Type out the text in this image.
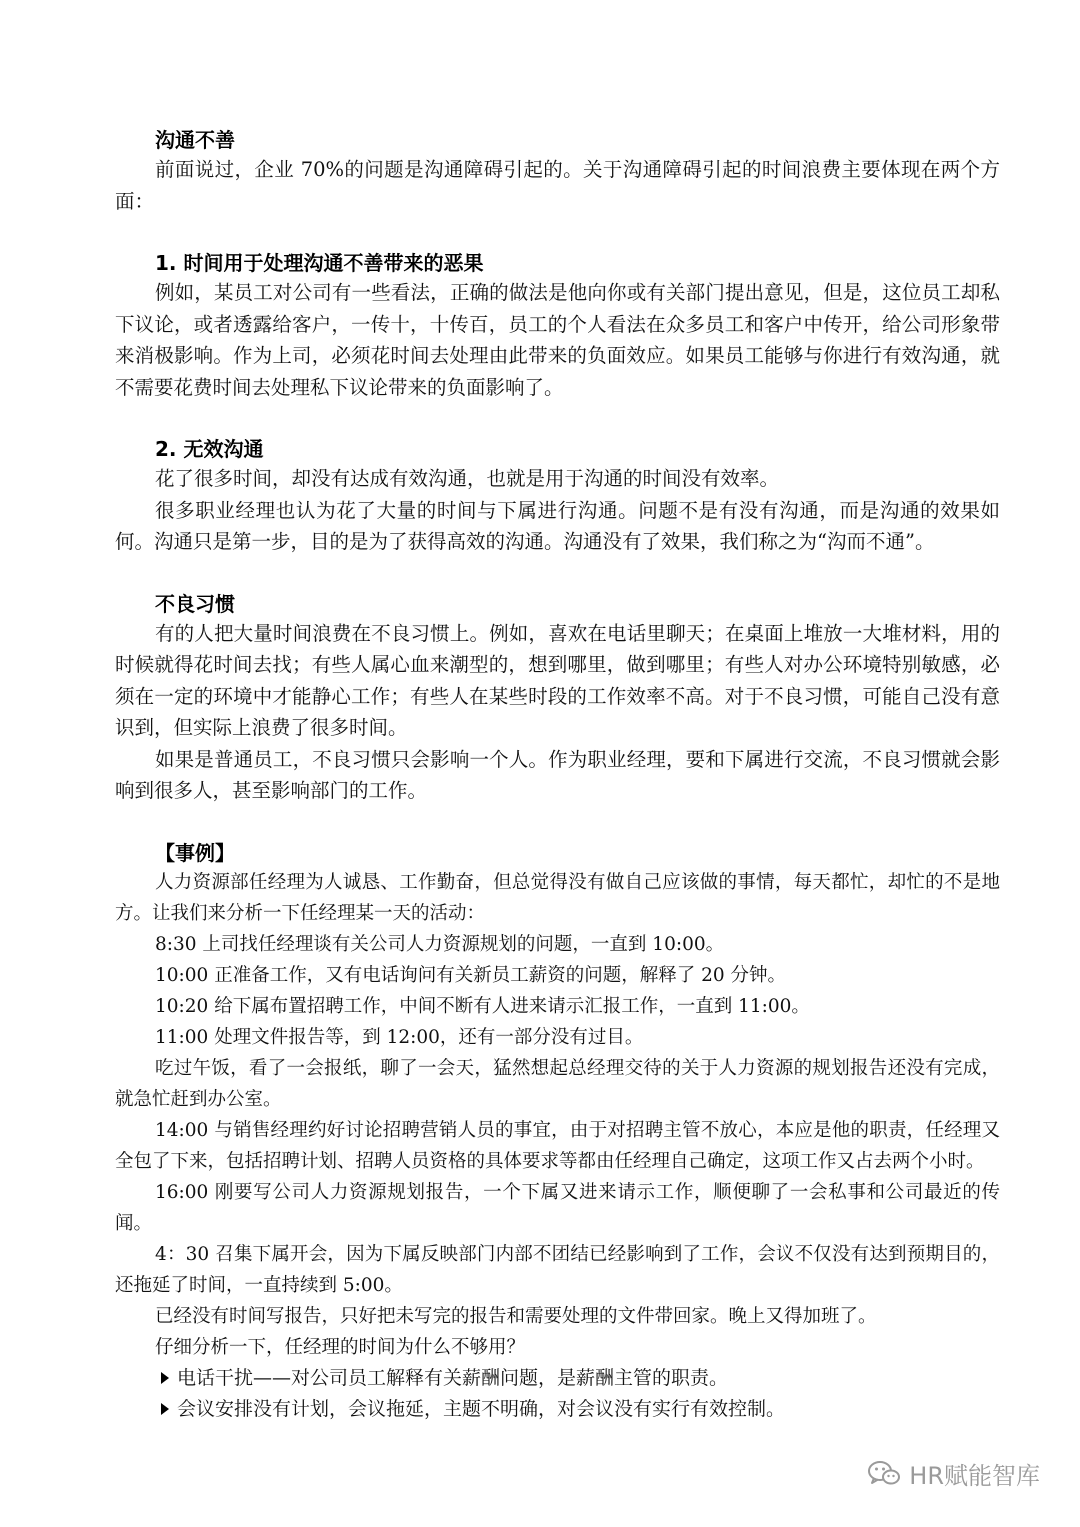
沟通不善
前面说过，企业 70%的问题是沟通障碍引起的。关于沟通障碍引起的时间浪费主要体现在两个方面：
1. 时间用于处理沟通不善带来的恶果
例如，某员工对公司有一些看法，正确的做法是他向你或有关部门提出意见，但是，这位员工却私下议论，或者透露给客户，一传十，十传百，员工的个人看法在众多员工和客户中传开，给公司形象带来消极影响。作为上司，必须花时间去处理由此带来的负面效应。如果员工能够与你进行有效沟通，就不需要花费时间去处理私下议论带来的负面影响了。
2. 无效沟通
花了很多时间，却没有达成有效沟通，也就是用于沟通的时间没有效率。
很多职业经理也认为花了大量的时间与下属进行沟通。问题不是有没有沟通，而是沟通的效果如何。沟通只是第一步，目的是为了获得高效的沟通。沟通没有了效果，我们称之为“沟而不通”。
不良习惯
有的人把大量时间浪费在不良习惯上。例如，喜欢在电话里聊天；在桌面上堆放一大堆材料，用的时候就得花时间去找；有些人属心血来潮型的，想到哪里，做到哪里；有些人对办公环境特别敏感，必须在一定的环境中才能静心工作；有些人在某些时段的工作效率不高。对于不良习惯，可能自己没有意识到，但实际上浪费了很多时间。
如果是普通员工，不良习惯只会影响一个人。作为职业经理，要和下属进行交流，不良习惯就会影响到很多人，甚至影响部门的工作。
【事例】
人力资源部任经理为人诚恳、工作勤奋，但总觉得没有做自己应该做的事情，每天都忙，却忙的不是地方。让我们来分析一下任经理某一天的活动：
8:30 上司找任经理谈有关公司人力资源规划的问题，一直到 10:00。
10:00 正准备工作，又有电话询问有关新员工薪资的问题，解释了 20 分钟。
10:20 给下属布置招聘工作，中间不断有人进来请示汇报工作，一直到 11:00。
11:00 处理文件报告等，到 12:00，还有一部分没有过目。
吃过午饭，看了一会报纸，聊了一会天，猛然想起总经理交待的关于人力资源的规划报告还没有完成，就急忙赶到办公室。
14:00 与销售经理约好讨论招聘营销人员的事宜，由于对招聘主管不放心，本应是他的职责，任经理又全包了下来，包括招聘计划、招聘人员资格的具体要求等都由任经理自己确定，这项工作又占去两个小时。
16:00 刚要写公司人力资源规划报告，一个下属又进来请示工作，顺便聊了一会私事和公司最近的传闻。
4：30 召集下属开会，因为下属反映部门内部不团结已经影响到了工作，会议不仅没有达到预期目的，还拖延了时间，一直持续到 5:00。
已经没有时间写报告，只好把未写完的报告和需要处理的文件带回家。晚上又得加班了。
仔细分析一下，任经理的时间为什么不够用？
电话干扰——对公司员工解释有关薪酬问题，是薪酬主管的职责。
会议安排没有计划，会议拖延，主题不明确，对会议没有实行有效控制。
HR赋能智库
